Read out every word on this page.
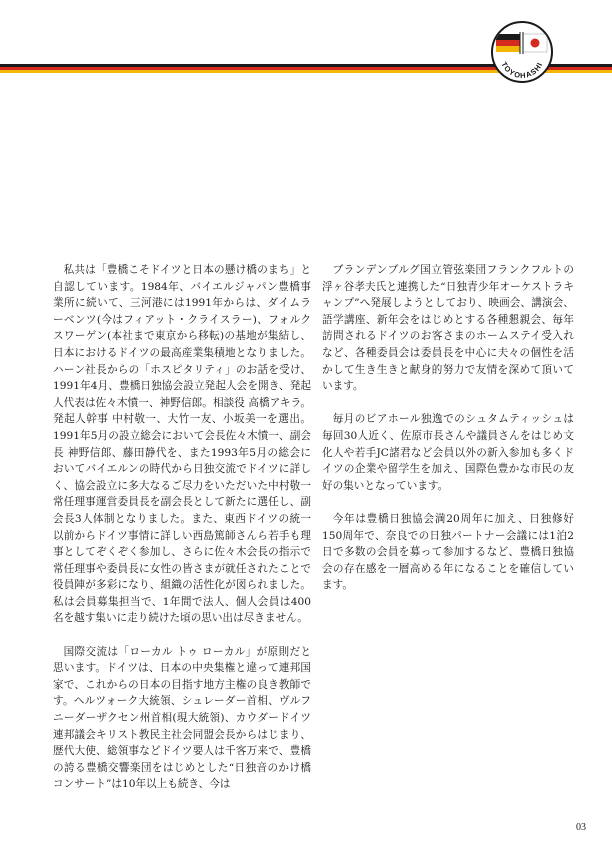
TOYOHASHI

私共は「豊橋こそドイツと日本の懸け橋のまち」と自認しています。1984年、バイエルジャパン豊橋事業所に続いて、三河港には1991年からは、ダイムラーベンツ(今はフィアット・クライスラー)、フォルクスワーゲン(本社まで東京から移転)の基地が集結し、日本におけるドイツの最高産業集積地となりました。ハーン社長からの「ホスピタリティ」のお話を受け、1991年4月、豊橋日独協会設立発起人会を開き、発起人代表は佐々木憤一、神野信郎。相談役 高橋アキラ。発起人幹事 中村敬一、大竹一友、小坂美一を選出。1991年5月の設立総会において会長佐々木憤一、副会長 神野信郎、藤田静代を、また1993年5月の総会においてバイエルンの時代から日独交流でドイツに詳しく、協会設立に多大なるご尽力をいただいた中村敬一常任理事運営委員長を副会長として新たに選任し、副会長3人体制となりました。また、東西ドイツの統一以前からドイツ事情に詳しい西島篤師さんら若手も理事としてぞくぞく参加し、さらに佐々木会長の指示で常任理事や委員長に女性の皆さまが就任されたことで役員陣が多彩になり、組織の活性化が図られました。私は会員募集担当で、1年間で法人、個人会員は400名を越す集いに走り続けた頃の思い出は尽きません。

国際交流は「ローカル トゥ ローカル」が原則だと思います。ドイツは、日本の中央集権と違って連邦国家で、これからの日本の目指す地方主権の良き教師です。ヘルツォーク大統領、シュレーダー首相、ヴルフニーダーザクセン州首相(現大統領)、カウダードイツ連邦議会キリスト教民主社会同盟会長からはじまり、歴代大使、総領事などドイツ要人は千客万来で、豊橋の誇る豊橋交響楽団をはじめとした“日独音のかけ橋コンサート”は10年以上も続き、今は

ブランデンブルグ国立管弦楽団フランクフルトの浮ヶ谷孝夫氏と連携した“日独青少年オーケストラキャンプ”へ発展しようとしており、映画会、講演会、語学講座、新年会をはじめとする各種懇親会、毎年訪問されるドイツのお客さまのホームステイ受入れなど、各種委員会は委員長を中心に夫々の個性を活かして生き生きと献身的努力で友情を深めて頂いています。

毎月のビアホール独逸でのシュタムティッシュは毎回30人近く、佐原市長さんや議員さんをはじめ文化人や若手JC諸君など会員以外の新入参加も多くドイツの企業や留学生を加え、国際色豊かな市民の友好の集いとなっています。

今年は豊橋日独協会満20周年に加え、日独修好150周年で、奈良での日独パートナー会議には1泊2日で多数の会員を募って参加するなど、豊橋日独協会の存在感を一層高める年になることを確信しています。

03
